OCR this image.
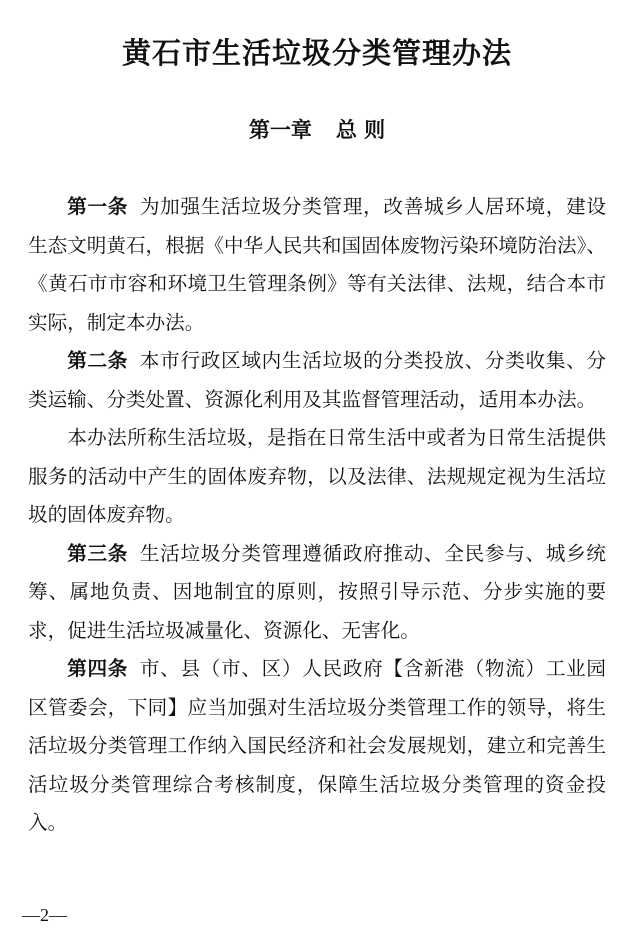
黄石市生活垃圾分类管理办法
第一章 总 则

第一条 为加强生活垃圾分类管理，改善城乡人居环境，建设生态文明黄石，根据《中华人民共和国固体废物污染环境防治法》、《黄石市市容和环境卫生管理条例》等有关法律、法规，结合本市实际，制定本办法。

第二条 本市行政区域内生活垃圾的分类投放、分类收集、分类运输、分类处置、资源化利用及其监督管理活动，适用本办法。

本办法所称生活垃圾，是指在日常生活中或者为日常生活提供服务的活动中产生的固体废弃物，以及法律、法规规定视为生活垃圾的固体废弃物。

第三条 生活垃圾分类管理遵循政府推动、全民参与、城乡统筹、属地负责、因地制宜的原则，按照引导示范、分步实施的要求，促进生活垃圾减量化、资源化、无害化。

第四条 市、县（市、区）人民政府【含新港（物流）工业园区管委会，下同】应当加强对生活垃圾分类管理工作的领导，将生活垃圾分类管理工作纳入国民经济和社会发展规划，建立和完善生活垃圾分类管理综合考核制度，保障生活垃圾分类管理的资金投入。

—2—
